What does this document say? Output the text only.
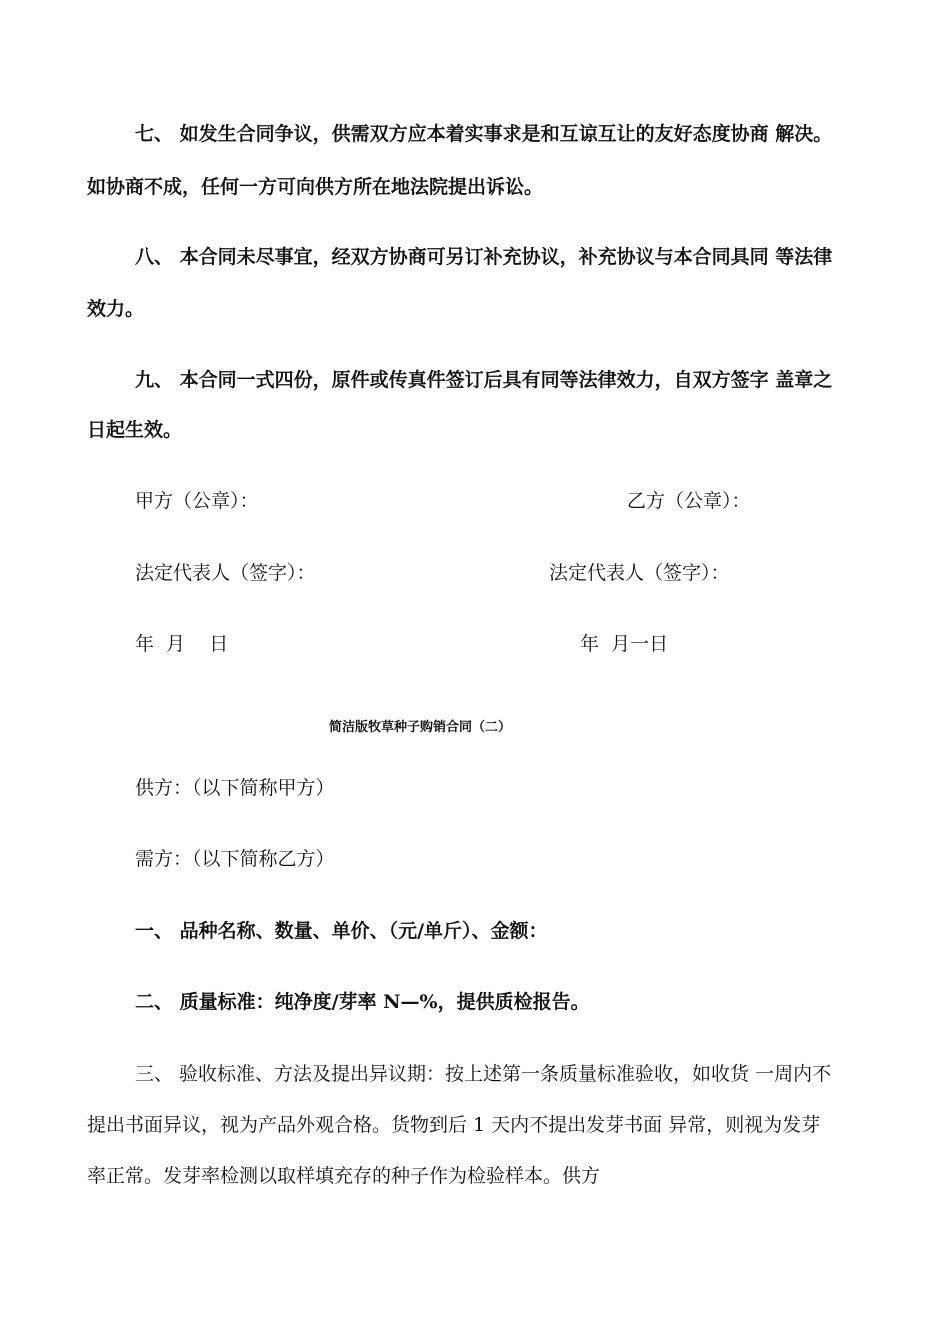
七、 如发生合同争议，供需双方应本着实事求是和互谅互让的友好态度协商 解决。
如协商不成，任何一方可向供方所在地法院提出诉讼。
八、 本合同未尽事宜，经双方协商可另订补充协议，补充协议与本合同具同 等法律
效力。
九、 本合同一式四份，原件或传真件签订后具有同等法律效力，自双方签字 盖章之
日起生效。
甲方（公章）：	乙方（公章）：
法定代表人（签字）：	法定代表人（签字）：
年  月    日	年  月一日
简洁版牧草种子购销合同（二）
供方：（以下简称甲方）
需方：（以下简称乙方）
一、 品种名称、数量、单价、（元/单斤）、金额：
二、 质量标准：纯净度/芽率 N—%，提供质检报告。
三、 验收标准、方法及提出异议期：按上述第一条质量标准验收，如收货 一周内不
提出书面异议，视为产品外观合格。货物到后 1 天内不提出发芽书面 异常，则视为发芽
率正常。发芽率检测以取样填充存的种子作为检验样本。供方
